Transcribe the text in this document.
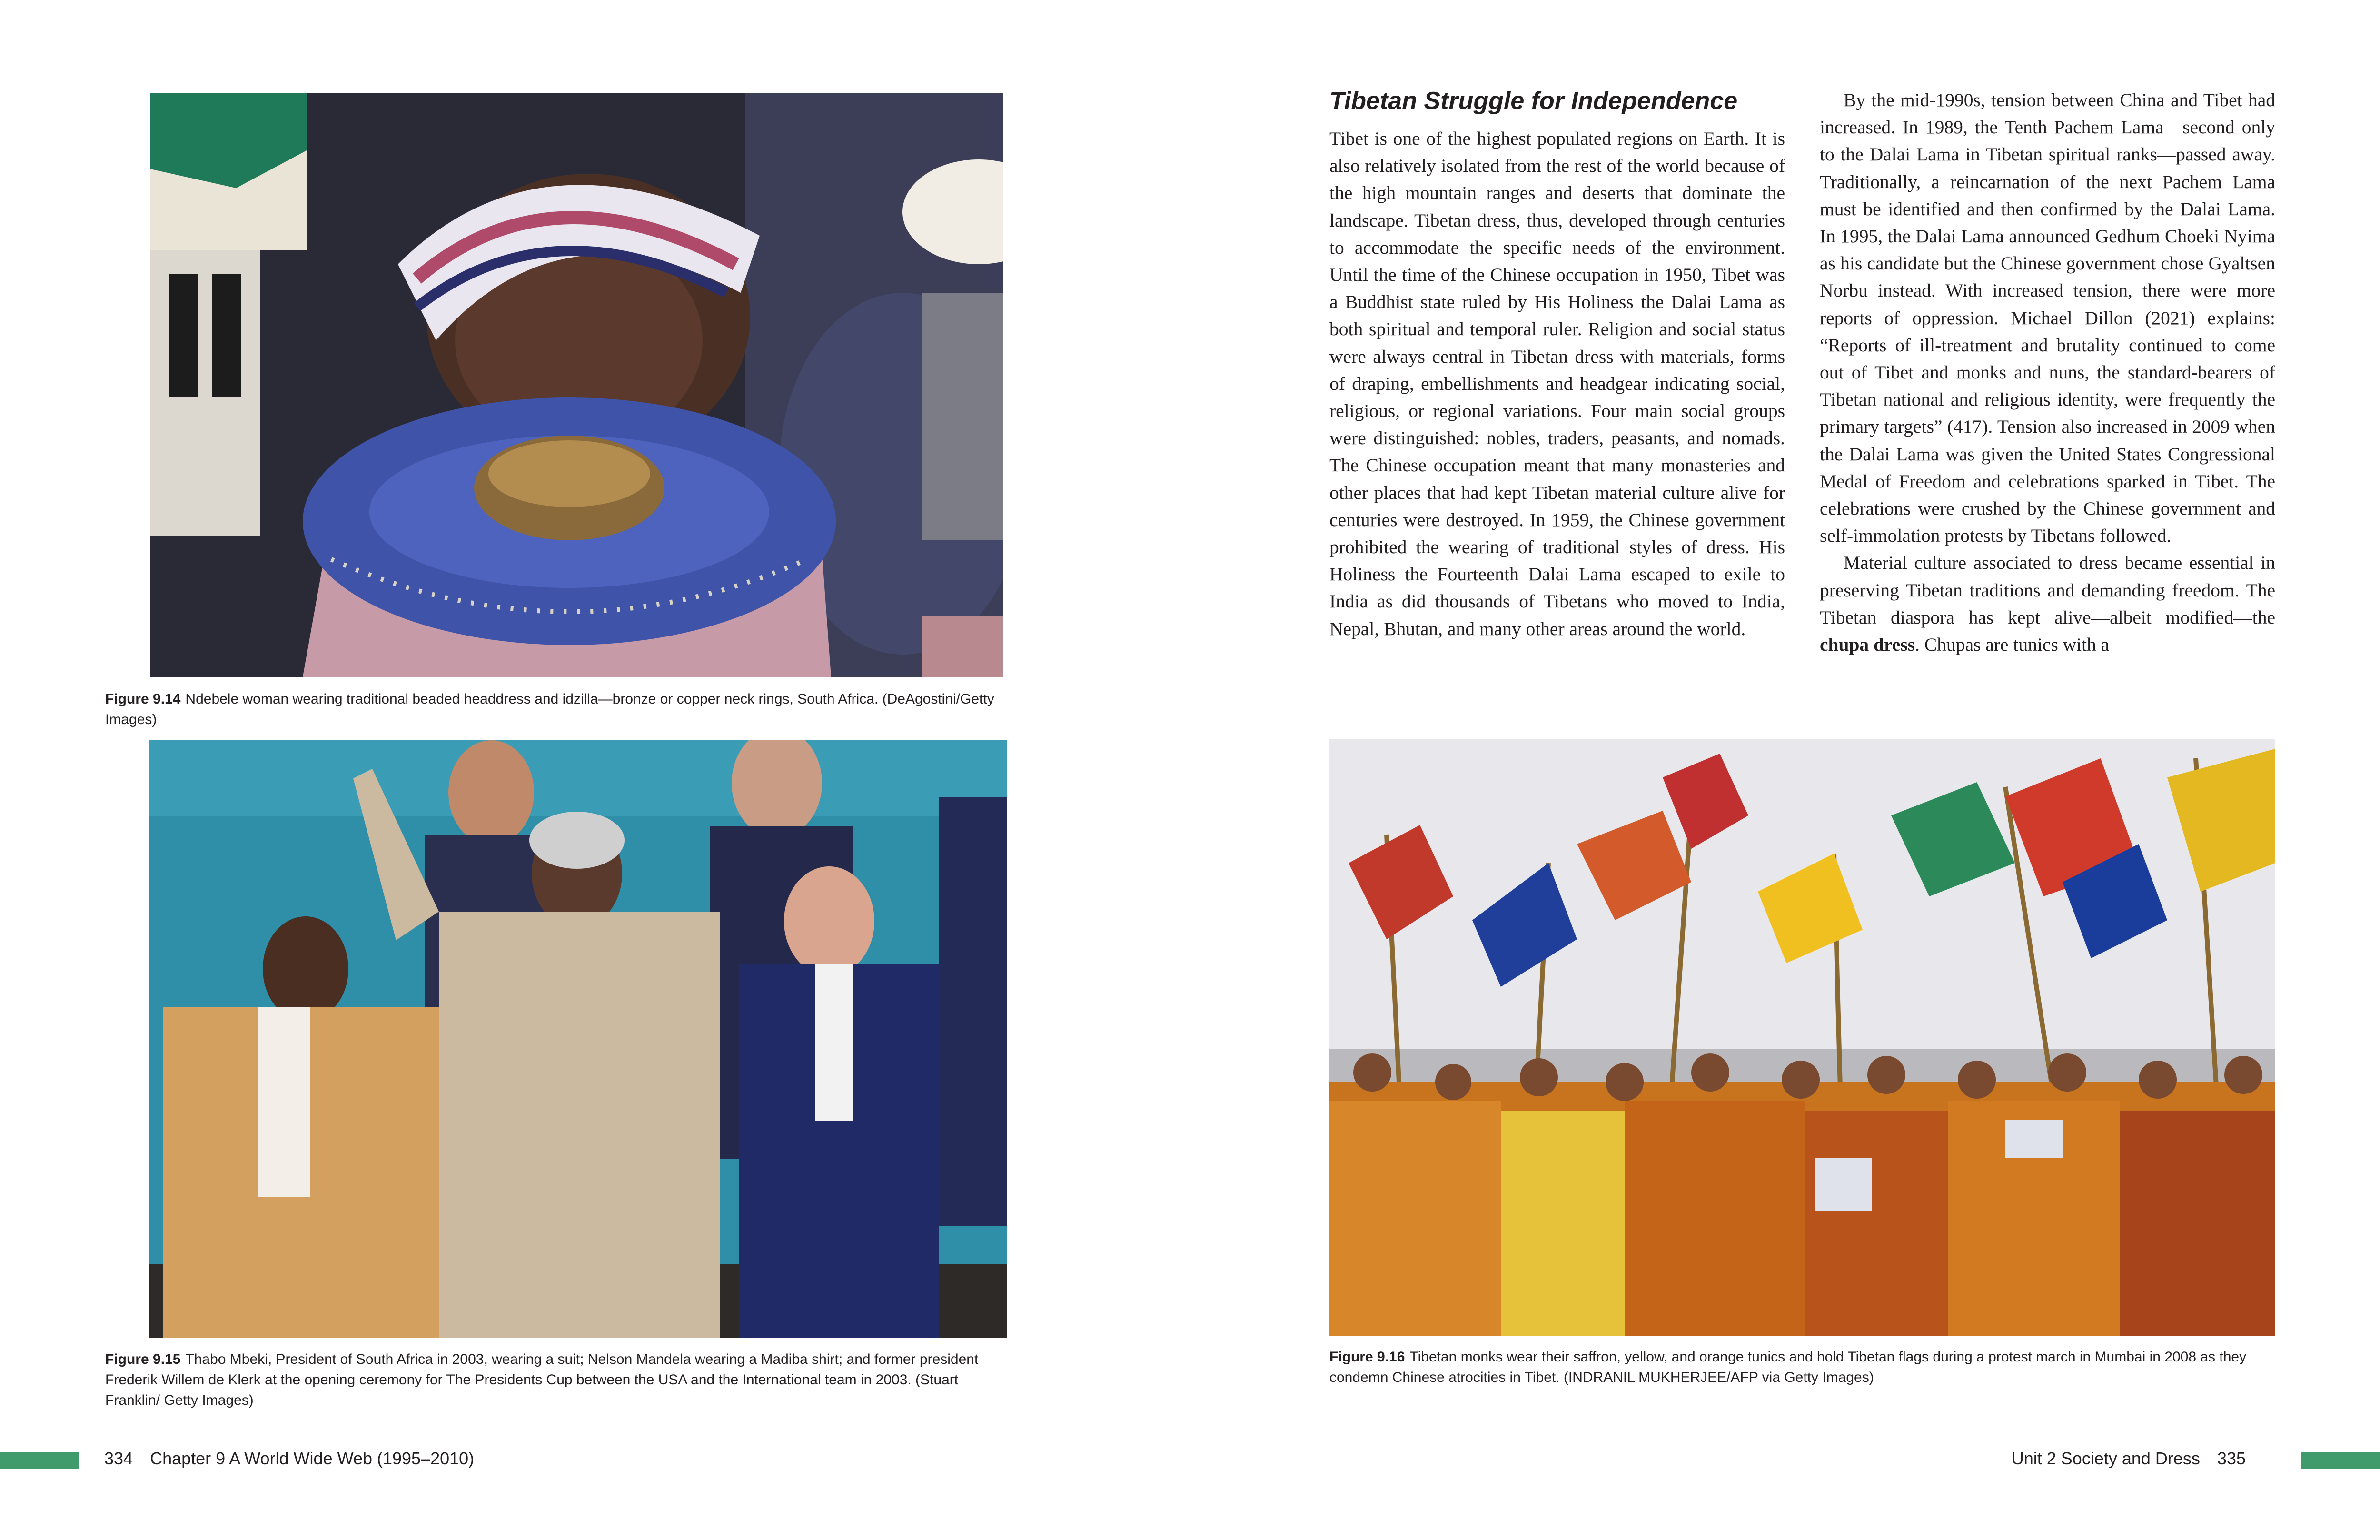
Figure 9.14 Ndebele woman wearing traditional beaded headdress and idzilla—bronze or copper neck rings, South Africa. (DeAgostini/Getty Images)
Figure 9.15 Thabo Mbeki, President of South Africa in 2003, wearing a suit; Nelson Mandela wearing a Madiba shirt; and former president Frederik Willem de Klerk at the opening ceremony for The Presidents Cup between the USA and the International team in 2003. (Stuart Franklin/ Getty Images)
334 Chapter 9 A World Wide Web (1995–2010)
Tibetan Struggle for Independence

Tibet is one of the highest populated regions on Earth. It is also relatively isolated from the rest of the world because of the high mountain ranges and deserts that dominate the landscape. Tibetan dress, thus, developed through centuries to accommodate the specific needs of the environment. Until the time of the Chinese occupation in 1950, Tibet was a Buddhist state ruled by His Holiness the Dalai Lama as both spiritual and temporal ruler. Religion and social status were always central in Tibetan dress with materials, forms of draping, embellishments and headgear indicating social, religious, or regional variations. Four main social groups were distinguished: nobles, traders, peasants, and nomads. The Chinese occupation meant that many monasteries and other places that had kept Tibetan material culture alive for centuries were destroyed. In 1959, the Chinese government prohibited the wearing of traditional styles of dress. His Holiness the Fourteenth Dalai Lama escaped to exile to India as did thousands of Tibetans who moved to India, Nepal, Bhutan, and many other areas around the world.

By the mid-1990s, tension between China and Tibet had increased. In 1989, the Tenth Pachem Lama—second only to the Dalai Lama in Tibetan spiritual ranks—passed away. Traditionally, a reincarnation of the next Pachem Lama must be identified and then confirmed by the Dalai Lama. In 1995, the Dalai Lama announced Gedhum Choeki Nyima as his candidate but the Chinese government chose Gyaltsen Norbu instead. With increased tension, there were more reports of oppression. Michael Dillon (2021) explains: “Reports of ill-treatment and brutality continued to come out of Tibet and monks and nuns, the standard-bearers of Tibetan national and religious identity, were frequently the primary targets” (417). Tension also increased in 2009 when the Dalai Lama was given the United States Congressional Medal of Freedom and celebrations sparked in Tibet. The celebrations were crushed by the Chinese government and self-immolation protests by Tibetans followed.

Material culture associated to dress became essential in preserving Tibetan traditions and demanding freedom. The Tibetan diaspora has kept alive—albeit modified—the chupa dress. Chupas are tunics with a

Figure 9.16 Tibetan monks wear their saffron, yellow, and orange tunics and hold Tibetan flags during a protest march in Mumbai in 2008 as they condemn Chinese atrocities in Tibet. (INDRANIL MUKHERJEE/AFP via Getty Images)
Unit 2 Society and Dress 335
